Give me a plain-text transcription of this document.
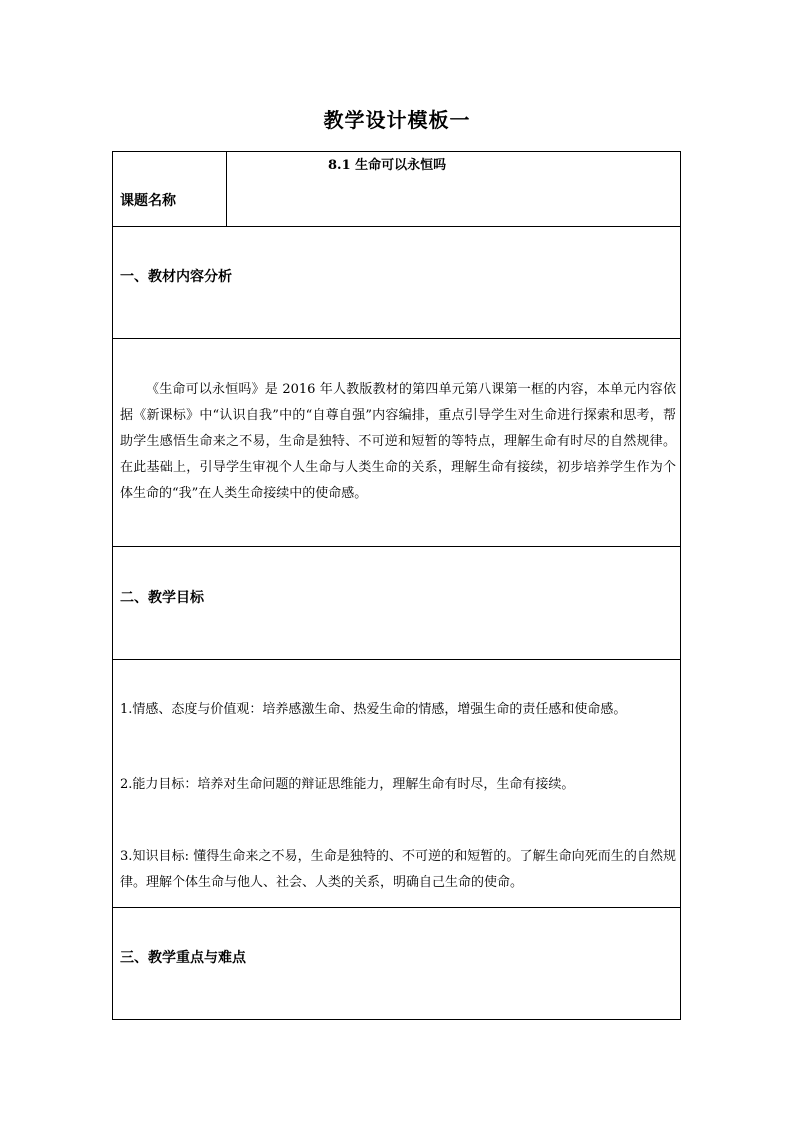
教学设计模板一
课题名称
8.1 生命可以永恒吗
一、教材内容分析
《生命可以永恒吗》是 2016 年人教版教材的第四单元第八课第一框的内容，本单元内容依据《新课标》中“认识自我”中的“自尊自强”内容编排，重点引导学生对生命进行探索和思考，帮助学生感悟生命来之不易，生命是独特、不可逆和短暂的等特点，理解生命有时尽的自然规律。在此基础上，引导学生审视个人生命与人类生命的关系，理解生命有接续，初步培养学生作为个体生命的“我”在人类生命接续中的使命感。
二、教学目标
1.情感、态度与价值观：培养感激生命、热爱生命的情感，增强生命的责任感和使命感。
2.能力目标：培养对生命问题的辩证思维能力，理解生命有时尽，生命有接续。
3.知识目标: 懂得生命来之不易，生命是独特的、不可逆的和短暂的。了解生命向死而生的自然规律。理解个体生命与他人、社会、人类的关系，明确自己生命的使命。
三、教学重点与难点
